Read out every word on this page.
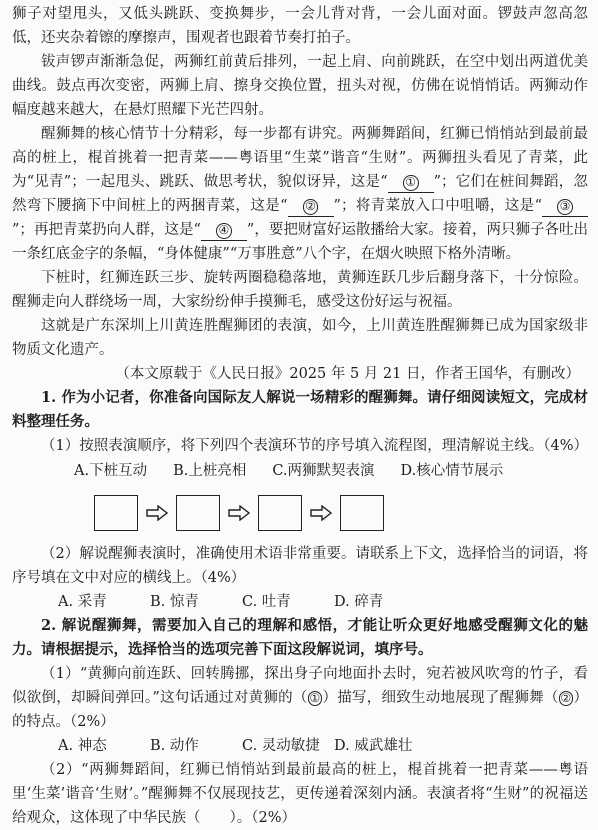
狮子对望甩头，又低头跳跃、变换舞步，一会儿背对背，一会儿面对面。锣鼓声忽高忽低，还夹杂着镲的摩擦声，围观者也跟着节奏打拍子。

钹声锣声渐渐急促，两狮红前黄后排列，一起上肩、向前跳跃，在空中划出两道优美曲线。鼓点再次变密，两狮上肩、擦身交换位置，扭头对视，仿佛在说悄悄话。两狮动作幅度越来越大，在悬灯照耀下光芒四射。

醒狮舞的核心情节十分精彩，每一步都有讲究。两狮舞蹈间，红狮已悄悄站到最前最高的桩上，棍首挑着一把青菜——粤语里“生菜”谐音“生财”。两狮扭头看见了青菜，此为“见青”；一起甩头、跳跃、做思考状，貌似讶异，这是“ ① ”；它们在桩间舞蹈，忽然弯下腰摘下中间桩上的两捆青菜，这是“ ② ”；将青菜放入口中咀嚼，这是“ ③”；再把青菜扔向人群，这是“ ④ ”，要把财富好运散播给大家。接着，两只狮子各吐出一条红底金字的条幅，“身体健康”“万事胜意”八个字，在烟火映照下格外清晰。

下桩时，红狮连跃三步、旋转两圈稳稳落地，黄狮连跃几步后翻身落下，十分惊险。醒狮走向人群绕场一周，大家纷纷伸手摸狮毛，感受这份好运与祝福。

这就是广东深圳上川黄连胜醒狮团的表演，如今，上川黄连胜醒狮舞已成为国家级非物质文化遗产。

（本文原载于《人民日报》2025 年 5 月 21 日，作者王国华，有删改）

1. 作为小记者，你准备向国际友人解说一场精彩的醒狮舞。请仔细阅读短文，完成材料整理任务。

（1）按照表演顺序，将下列四个表演环节的序号填入流程图，理清解说主线。（4%）

A.下桩互动 B.上桩亮相 C.两狮默契表演 D.核心情节展示

（2）解说醒狮表演时，准确使用术语非常重要。请联系上下文，选择恰当的词语，将序号填在文中对应的横线上。（4%）

A. 采青	B. 惊青	C. 吐青	D. 碎青

2. 解说醒狮舞，需要加入自己的理解和感悟，才能让听众更好地感受醒狮文化的魅力。请根据提示，选择恰当的选项完善下面这段解说词，填序号。

（1）“黄狮向前连跃、回转腾挪，探出身子向地面扑去时，宛若被风吹弯的竹子，看似欲倒，却瞬间弹回。”这句话通过对黄狮的（ ① ）描写，细致生动地展现了醒狮舞（ ② ）的特点。（2%）

A. 神态	B. 动作	C. 灵动敏捷 D. 威武雄壮

（2）“两狮舞蹈间，红狮已悄悄站到最前最高的桩上，棍首挑着一把青菜——粤语里‘生菜’谐音‘生财’。”醒狮舞不仅展现技艺，更传递着深刻内涵。表演者将“生财”的祝福送给观众，这体现了中华民族（　　）。（2%）
